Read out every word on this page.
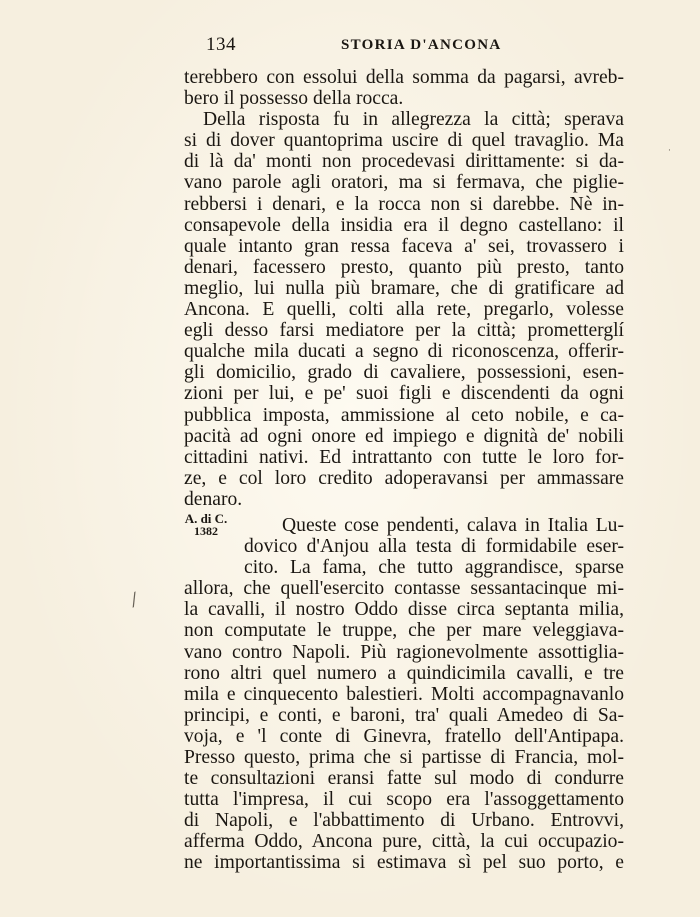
134	STORIA D'ANCONA
A. di C.
1382
terebbero con essolui della somma da pagarsi, avreb-
bero il possesso della rocca.
Della risposta fu in allegrezza la città; sperava
si di dover quantoprima uscire di quel travaglio. Ma
di là da' monti non procedevasi dirittamente: si da-
vano parole agli oratori, ma si fermava, che piglie-
rebbersi i denari, e la rocca non si darebbe. Nè in-
consapevole della insidia era il degno castellano: il
quale intanto gran ressa faceva a' sei, trovassero i
denari, facessero presto, quanto più presto, tanto
meglio, lui nulla più bramare, che di gratificare ad
Ancona. E quelli, colti alla rete, pregarlo, volesse
egli desso farsi mediatore per la città; prometterglí
qualche mila ducati a segno di riconoscenza, offerir-
gli domicilio, grado di cavaliere, possessioni, esen-
zioni per lui, e pe' suoi figli e discendenti da ogni
pubblica imposta, ammissione al ceto nobile, e ca-
pacità ad ogni onore ed impiego e dignità de' nobili
cittadini nativi. Ed intrattanto con tutte le loro for-
ze, e col loro credito adoperavansi per ammassare
denaro.
Queste cose pendenti, calava in Italia Lu-
dovico d'Anjou alla testa di formidabile eser-
cito. La fama, che tutto aggrandisce, sparse
allora, che quell'esercito contasse sessantacinque mi-
la cavalli, il nostro Oddo disse circa septanta milia,
non computate le truppe, che per mare veleggiava-
vano contro Napoli. Più ragionevolmente assottiglia-
rono altri quel numero a quindicimila cavalli, e tre
mila e cinquecento balestieri. Molti accompagnavanlo
principi, e conti, e baroni, tra' quali Amedeo di Sa-
voja, e 'l conte di Ginevra, fratello dell'Antipapa.
Presso questo, prima che si partisse di Francia, mol-
te consultazioni eransi fatte sul modo di condurre
tutta l'impresa, il cui scopo era l'assoggettamento
di Napoli, e l'abbattimento di Urbano. Entrovvi,
afferma Oddo, Ancona pure, città, la cui occupazio-
ne importantissima si estimava sì pel suo porto, e
⁄
·
